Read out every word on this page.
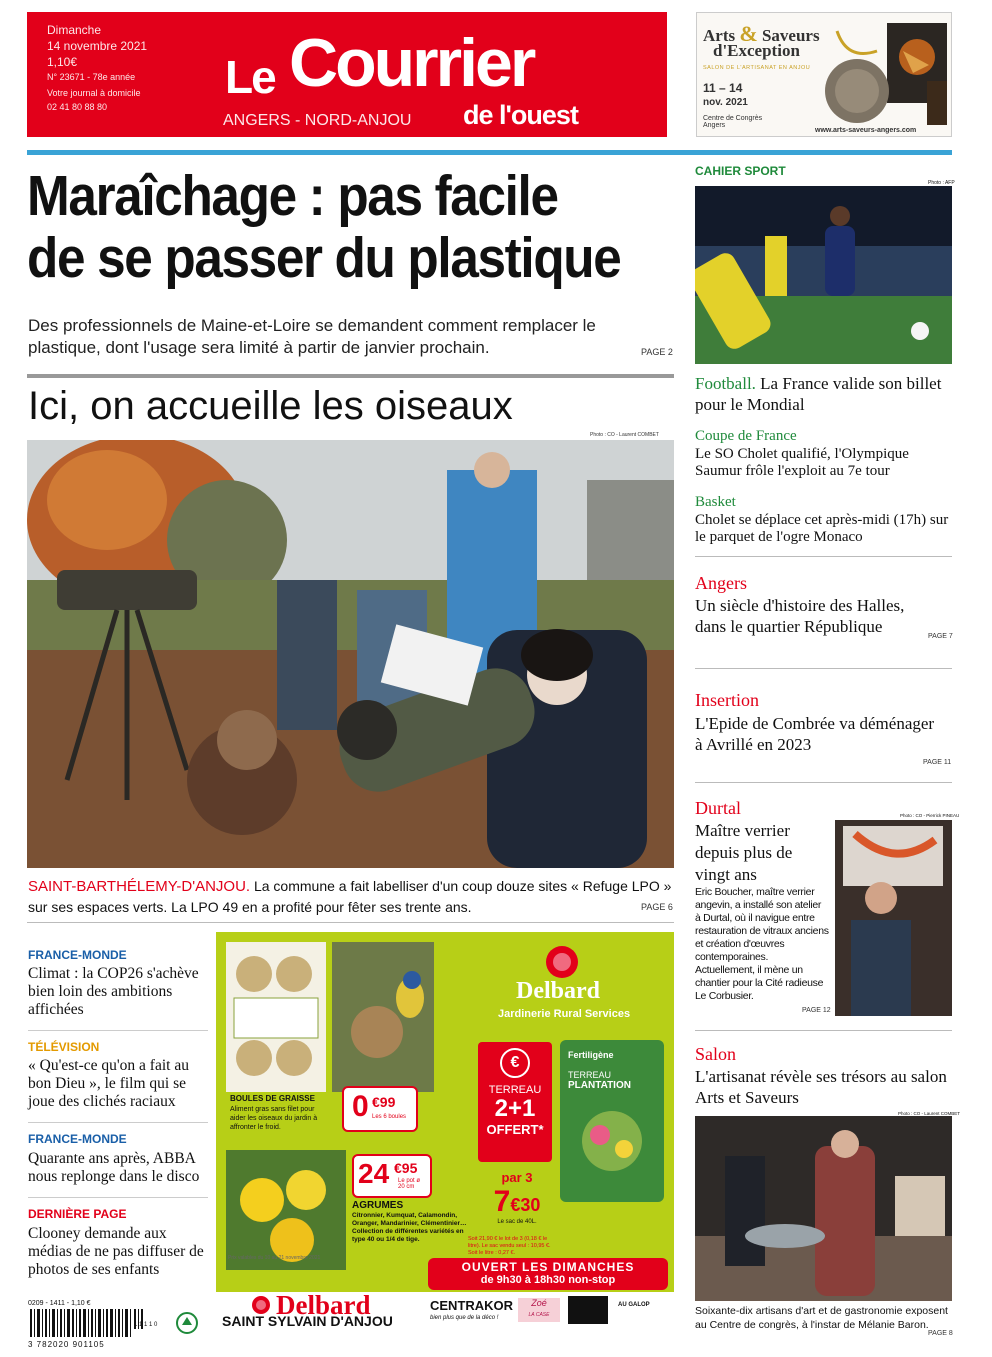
Dimanche
14 novembre 2021
1,10€
N° 23671 - 78e année
Votre journal à domicile
02 41 80 88 80
Le Courrier
de l'ouest
ANGERS - NORD-ANJOU
Arts & Saveurs
d'Exception
SALON DE L'ARTISANAT EN ANJOU
11 – 14
nov. 2021
Centre de Congrès
Angers
www.arts-saveurs-angers.com
Maraîchage : pas facile
de se passer du plastique
Des professionnels de Maine-et-Loire se demandent comment remplacer le plastique, dont l'usage sera limité à partir de janvier prochain.	PAGE 2
Ici, on accueille les oiseaux
Photo : CO - Laurent COMBET
SAINT-BARTHÉLEMY-D'ANJOU. La commune a fait labelliser d'un coup douze sites « Refuge LPO » sur ses espaces verts. La LPO 49 en a profité pour fêter ses trente ans.	PAGE 6
FRANCE-MONDE
Climat : la COP26 s'achève bien loin des ambitions affichées
TÉLÉVISION
« Qu'est-ce qu'on a fait au bon Dieu », le film qui se joue des clichés raciaux
FRANCE-MONDE
Quarante ans après, ABBA nous replonge dans le disco
DERNIÈRE PAGE
Clooney demande aux médias de ne pas diffuser de photos de ses enfants
0209 - 1411 - 1,10 €
3 782020 901105
1 1 1 1 0
BOULES DE GRAISSE
Aliment gras sans filet pour aider les oiseaux du jardin à affronter le froid.
0 €99
Les 6 boules
Delbard
Jardinerie Rural Services
€
TERREAU
2+1
OFFERT*
Fertiligène
TERREAU
PLANTATION
24 €95
Le pot ø 20 cm
AGRUMES
Citronnier, Kumquat, Calamondin, Oranger, Mandarinier, Clémentinier… Collection de différentes variétés en type 40 ou 1/4 de tige.
par 3
7€30
Le sac de 40L.
Soit 21,90 € le lot de 3 (0,18 € le litre). Le sac vendu seul : 10,95 €. Soit le litre : 0,27 €.
Prix valables du 10 au 21 novembre 2021
OUVERT LES DIMANCHES
de 9h30 à 18h30 non-stop
Delbard
SAINT SYLVAIN D'ANJOU
CENTRAKOR
bien plus que de la déco !
Zoé
LA CASE
AU GALOP
CAHIER SPORT
Photo : AFP
Football. La France valide son billet pour le Mondial
Coupe de France
Le SO Cholet qualifié, l'Olympique Saumur frôle l'exploit au 7e tour
Basket
Cholet se déplace cet après-midi (17h) sur le parquet de l'ogre Monaco
Angers
Un siècle d'histoire des Halles, dans le quartier République
PAGE 7
Insertion
L'Epide de Combrée va déménager à Avrillé en 2023
PAGE 11
Durtal
Maître verrier depuis plus de vingt ans
Eric Boucher, maître verrier angevin, a installé son atelier à Durtal, où il navigue entre restauration de vitraux anciens et création d'œuvres contemporaines. Actuellement, il mène un chantier pour la Cité radieuse Le Corbusier.
Photo : CO - Pierrick PINEAU
PAGE 12
Salon
L'artisanat révèle ses trésors au salon Arts et Saveurs
Photo : CO - Laurent COMBET
Soixante-dix artisans d'art et de gastronomie exposent au Centre de congrès, à l'instar de Mélanie Baron.
PAGE 8
